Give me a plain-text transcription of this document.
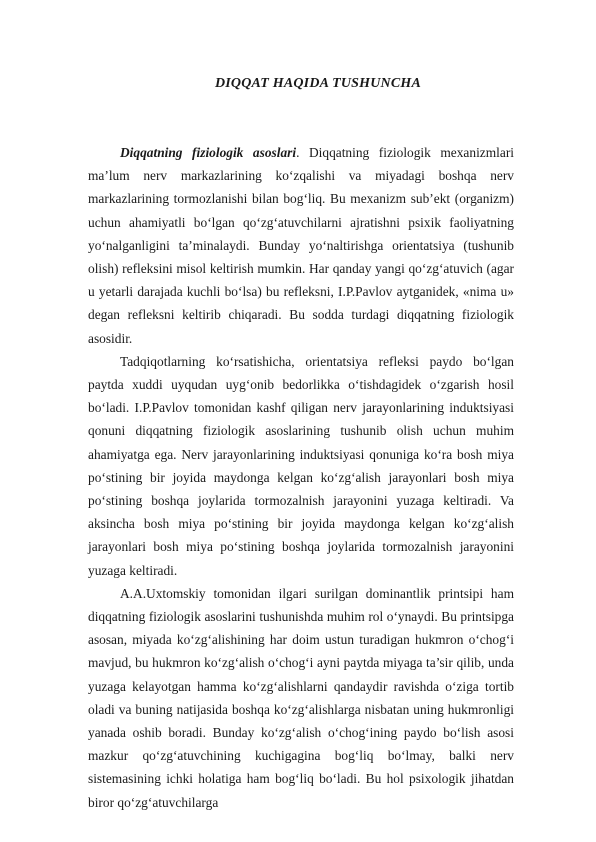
DIQQAT HAQIDA TUSHUNCHA

Diqqatning fiziologik asoslari. Diqqatning fiziologik mexanizmlari ma’lum nerv markazlarining ko‘zqalishi va miyadagi boshqa nerv markazlarining tormozlanishi bilan bog‘liq. Bu mexanizm sub’ekt (organizm) uchun ahamiyatli bo‘lgan qo‘zg‘atuvchilarni ajratishni psixik faoliyatning yo‘nalganligini ta’minalaydi. Bunday yo‘naltirishga orientatsiya (tushunib olish) refleksini misol keltirish mumkin. Har qanday yangi qo‘zg‘atuvich (agar u yetarli darajada kuchli bo‘lsa) bu refleksni, I.P.Pavlov aytganidek, «nima u» degan refleksni keltirib chiqaradi. Bu sodda turdagi diqqatning fiziologik asosidir.

Tadqiqotlarning ko‘rsatishicha, orientatsiya refleksi paydo bo‘lgan paytda xuddi uyqudan uyg‘onib bedorlikka o‘tishdagidek o‘zgarish hosil bo‘ladi. I.P.Pavlov tomonidan kashf qiligan nerv jarayonlarining induktsiyasi qonuni diqqatning fiziologik asoslarining tushunib olish uchun muhim ahamiyatga ega. Nerv jarayonlarining induktsiyasi qonuniga ko‘ra bosh miya po‘stining bir joyida maydonga kelgan ko‘zg‘alish jarayonlari bosh miya po‘stining boshqa joylarida tormozalnish jarayonini yuzaga keltiradi. Va aksincha bosh miya po‘stining bir joyida maydonga kelgan ko‘zg‘alish jarayonlari bosh miya po‘stining boshqa joylarida tormozalnish jarayonini yuzaga keltiradi.

A.A.Uxtomskiy tomonidan ilgari surilgan dominantlik printsipi ham diqqatning fiziologik asoslarini tushunishda muhim rol o‘ynaydi. Bu printsipga asosan, miyada ko‘zg‘alishining har doim ustun turadigan hukmron o‘chog‘i mavjud, bu hukmron ko‘zg‘alish o‘chog‘i ayni paytda miyaga ta’sir qilib, unda yuzaga kelayotgan hamma ko‘zg‘alishlarni qandaydir ravishda o‘ziga tortib oladi va buning natijasida boshqa ko‘zg‘alishlarga nisbatan uning hukmronligi yanada oshib boradi. Bunday ko‘zg‘alish o‘chog‘ining paydo bo‘lish asosi mazkur qo‘zg‘atuvchining kuchigagina bog‘liq bo‘lmay, balki nerv sistemasining ichki holatiga ham bog‘liq bo‘ladi. Bu hol psixologik jihatdan biror qo‘zg‘atuvchilarga
